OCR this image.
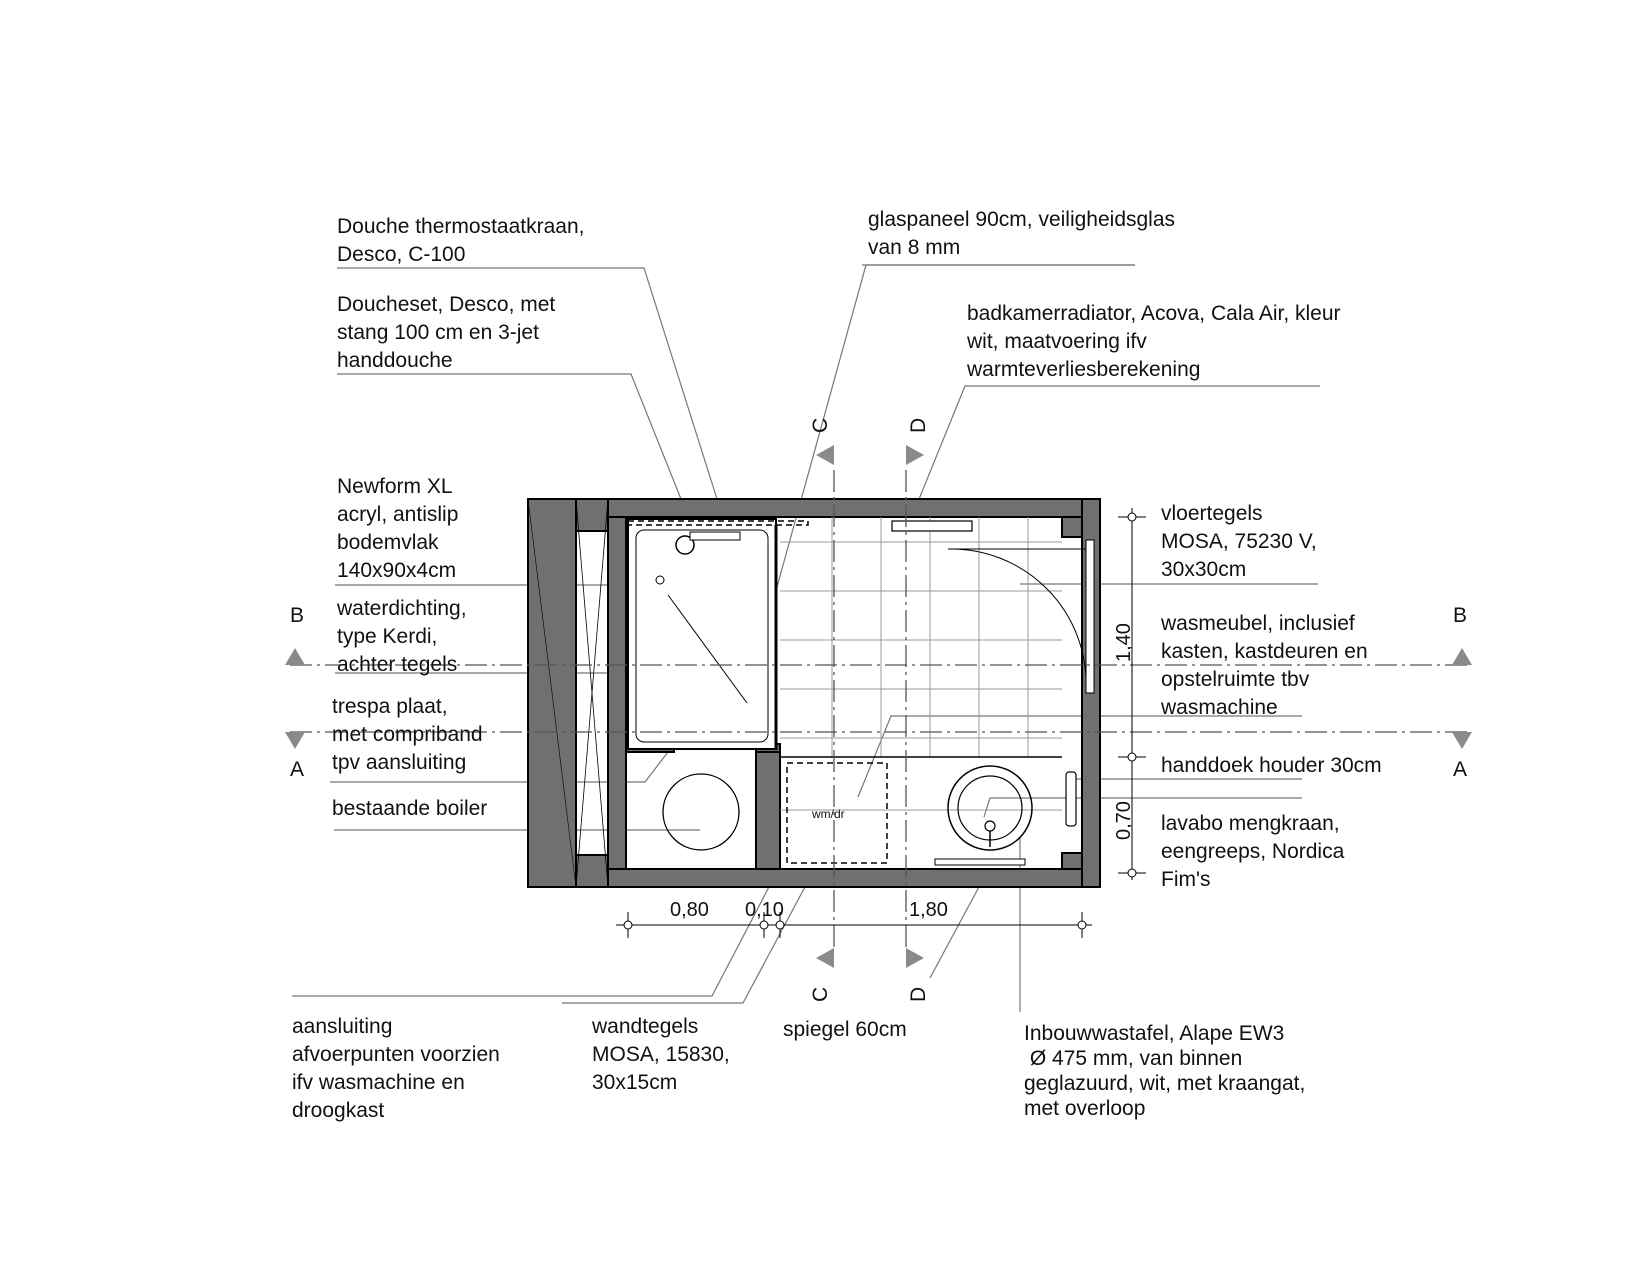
wm/dr
B	B
A	A
C	D
C	D
0,80 0,10	1,80
1,40
0,70
Douche thermostaatkraan, Desco, C-100
Doucheset, Desco, met stang 100 cm en 3-jet handdouche
Newform XL acryl, antislip bodemvlak 140x90x4cm
waterdichting, type Kerdi, achter tegels
trespa plaat, met compriband tpv aansluiting
bestaande boiler
glaspaneel 90cm, veiligheidsglas van 8 mm
badkamerradiator, Acova, Cala Air, kleur wit, maatvoering ifv warmteverliesberekening
vloertegels MOSA, 75230 V, 30x30cm
wasmeubel, inclusief kasten, kastdeuren en opstelruimte tbv wasmachine
handdoek houder 30cm
lavabo mengkraan, eengreeps, Nordica Fim's
aansluiting afvoerpunten voorzien ifv wasmachine en droogkast
wandtegels MOSA, 15830, 30x15cm
spiegel 60cm	Inbouwwastafel, Alape EW3  Ø 475 mm, van binnen geglazuurd, wit, met kraangat, met overloop
